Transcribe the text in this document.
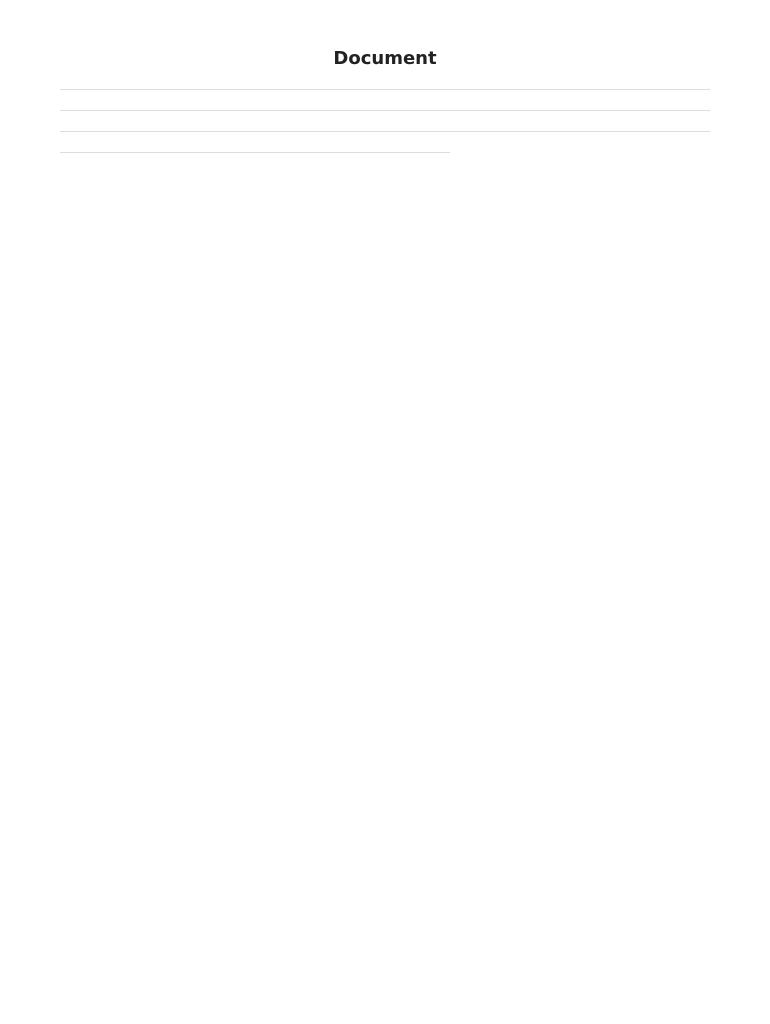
Document
